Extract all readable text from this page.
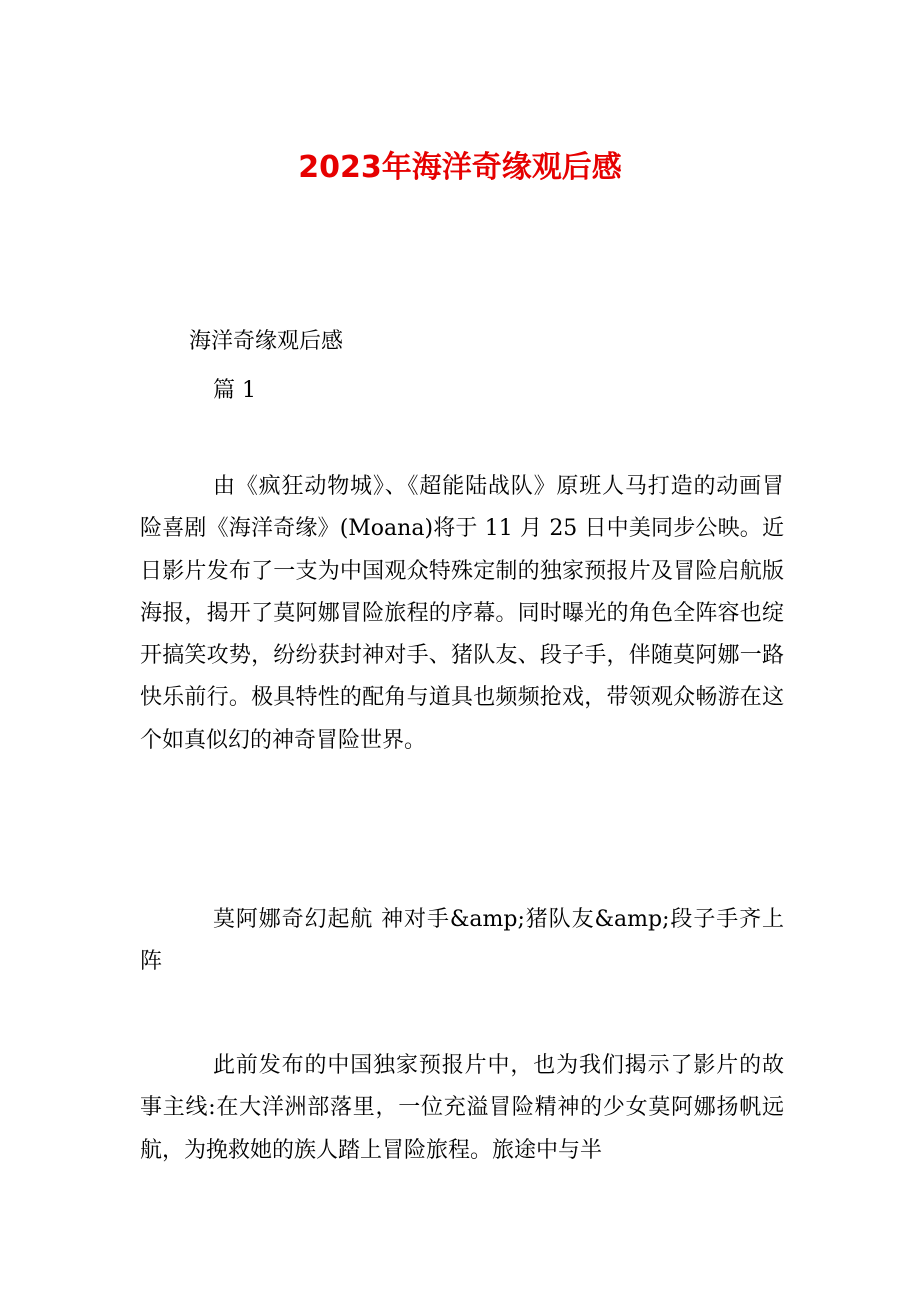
2023年海洋奇缘观后感

海洋奇缘观后感

篇 1

由《疯狂动物城》、《超能陆战队》原班人马打造的动画冒险喜剧《海洋奇缘》(Moana)将于 11 月 25 日中美同步公映。近日影片发布了一支为中国观众特殊定制的独家预报片及冒险启航版海报，揭开了莫阿娜冒险旅程的序幕。同时曝光的角色全阵容也绽开搞笑攻势，纷纷获封神对手、猪队友、段子手，伴随莫阿娜一路快乐前行。极具特性的配角与道具也频频抢戏，带领观众畅游在这个如真似幻的神奇冒险世界。

莫阿娜奇幻起航 神对手&amp;猪队友&amp;段子手齐上阵

此前发布的中国独家预报片中，也为我们揭示了影片的故事主线:在大洋洲部落里，一位充溢冒险精神的少女莫阿娜扬帆远航，为挽救她的族人踏上冒险旅程。旅途中与半
